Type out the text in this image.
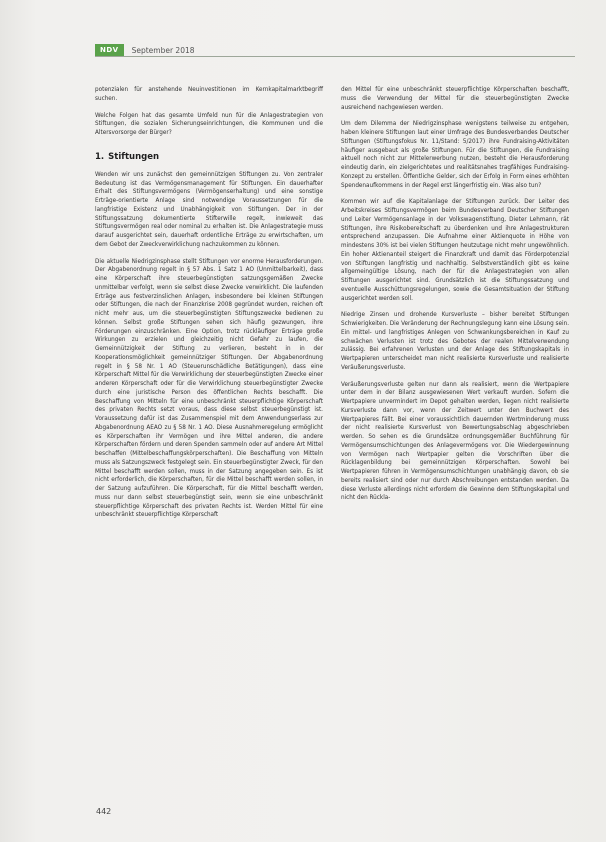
NDV	September 2018

potenzialen für anstehende Neuinvestitionen im Kernkapitalmarktbegriff suchen.

Welche Folgen hat das gesamte Umfeld nun für die Anlagestrategien von Stiftungen, die sozialen Sicherungseinrichtungen, die Kommunen und die Altersvorsorge der Bürger?

1. Stiftungen

Wenden wir uns zunächst den gemeinnützigen Stiftungen zu. Von zentraler Bedeutung ist das Vermögensmanagement für Stiftungen. Ein dauerhafter Erhalt des Stiftungsvermögens (Vermögenserhaltung) und eine sonstige Erträge-orientierte Anlage sind notwendige Voraussetzungen für die langfristige Existenz und Unabhängigkeit von Stiftungen. Der in der Stiftungssatzung dokumentierte Stifterwille regelt, inwieweit das Stiftungsvermögen real oder nominal zu erhalten ist. Die Anlagestrategie muss darauf ausgerichtet sein, dauerhaft ordentliche Erträge zu erwirtschaften, um dem Gebot der Zweckverwirklichung nachzukommen zu können.

Die aktuelle Niedrigzinsphase stellt Stiftungen vor enorme Herausforderungen. Der Abgabenordnung regelt in § 57 Abs. 1 Satz 1 AO (Unmittelbarkeit), dass eine Körperschaft ihre steuerbegünstigten satzungsgemäßen Zwecke unmittelbar verfolgt, wenn sie selbst diese Zwecke verwirklicht. Die laufenden Erträge aus festverzinslichen Anlagen, insbesondere bei kleinen Stiftungen oder Stiftungen, die nach der Finanzkrise 2008 gegründet wurden, reichen oft nicht mehr aus, um die steuerbegünstigten Stiftungszwecke bedienen zu können. Selbst große Stiftungen sehen sich häufig gezwungen, ihre Förderungen einzuschränken. Eine Option, trotz rückläufiger Erträge große Wirkungen zu erzielen und gleichzeitig nicht Gefahr zu laufen, die Gemeinnützigkeit der Stiftung zu verlieren, besteht in in der Kooperationsmöglichkeit gemeinnütziger Stiftungen. Der Abgabenordnung regelt in § 58 Nr. 1 AO (Steuerunschädliche Betätigungen), dass eine Körperschaft Mittel für die Verwirklichung der steuerbegünstigten Zwecke einer anderen Körperschaft oder für die Verwirklichung steuerbegünstigter Zwecke durch eine juristische Person des öffentlichen Rechts beschafft. Die Beschaffung von Mitteln für eine unbeschränkt steuerpflichtige Körperschaft des privaten Rechts setzt voraus, dass diese selbst steuerbegünstigt ist. Voraussetzung dafür ist das Zusammenspiel mit dem Anwendungserlass zur Abgabenordnung AEAO zu § 58 Nr. 1 AO. Diese Ausnahmeregelung ermöglicht es Körperschaften ihr Vermögen und ihre Mittel anderen, die andere Körperschaften fördern und deren Spenden sammeln oder auf andere Art Mittel beschaffen (Mittelbeschaffungskörperschaften). Die Beschaffung von Mitteln muss als Satzungszweck festgelegt sein. Ein steuerbegünstigter Zweck, für den Mittel beschafft werden sollen, muss in der Satzung angegeben sein. Es ist nicht erforderlich, die Körperschaften, für die Mittel beschafft werden sollen, in der Satzung aufzuführen. Die Körperschaft, für die Mittel beschafft werden, muss nur dann selbst steuerbegünstigt sein, wenn sie eine unbeschränkt steuerpflichtige Körperschaft des privaten Rechts ist. Werden Mittel für eine unbeschränkt steuerpflichtige Körperschaft

den Mittel für eine unbeschränkt steuerpflichtige Körperschaften beschafft, muss die Verwendung der Mittel für die steuerbegünstigten Zwecke ausreichend nachgewiesen werden.

Um dem Dilemma der Niedrigzinsphase wenigstens teilweise zu entgehen, haben kleinere Stiftungen laut einer Umfrage des Bundesverbandes Deutscher Stiftungen (Stiftungsfokus Nr. 11/Stand: 5/2017) ihre Fundraising-Aktivitäten häufiger ausgebaut als große Stiftungen. Für die Stiftungen, die Fundraising aktuell noch nicht zur Mittelerwerbung nutzen, besteht die Herausforderung eindeutig darin, ein zielgerichtetes und realitätsnahes tragfähiges Fundraising-Konzept zu erstellen. Öffentliche Gelder, sich der Erfolg in Form eines erhöhten Spendenaufkommens in der Regel erst längerfristig ein. Was also tun?

Kommen wir auf die Kapitalanlage der Stiftungen zurück. Der Leiter des Arbeitskreises Stiftungsvermögen beim Bundesverband Deutscher Stiftungen und Leiter Vermögensanlage in der Volkswagenstiftung, Dieter Lehmann, rät Stiftungen, ihre Risikobereitschaft zu überdenken und ihre Anlagestrukturen entsprechend anzupassen. Die Aufnahme einer Aktienquote in Höhe von mindestens 30% ist bei vielen Stiftungen heutzutage nicht mehr ungewöhnlich. Ein hoher Aktienanteil steigert die Finanzkraft und damit das Förderpotenzial von Stiftungen langfristig und nachhaltig. Selbstverständlich gibt es keine allgemeingültige Lösung, nach der für die Anlagestrategien von allen Stiftungen ausgerichtet sind. Grundsätzlich ist die Stiftungssatzung und eventuelle Ausschüttungsregelungen, sowie die Gesamtsituation der Stiftung ausgerichtet werden soll.

Niedrige Zinsen und drohende Kursverluste – bisher bereitet Stiftungen Schwierigkeiten. Die Veränderung der Rechnungslegung kann eine Lösung sein. Ein mittel- und langfristiges Anlegen von Schwankungsbereichen in Kauf zu schwächen Verlusten ist trotz des Gebotes der realen Mittelverwendung zulässig. Bei erfahrenen Verlusten und der Anlage des Stiftungskapitals in Wertpapieren unterscheidet man nicht realisierte Kursverluste und realisierte Veräußerungsverluste.

Veräußerungsverluste gelten nur dann als realisiert, wenn die Wertpapiere unter dem in der Bilanz ausgewiesenen Wert verkauft wurden. Sofern die Wertpapiere unvermindert im Depot gehalten werden, liegen nicht realisierte Kursverluste dann vor, wenn der Zeitwert unter den Buchwert des Wertpapieres fällt. Bei einer voraussichtlich dauernden Wertminderung muss der nicht realisierte Kursverlust von Bewertungsabschlag abgeschrieben werden. So sehen es die Grundsätze ordnungsgemäßer Buchführung für Vermögensumschichtungen des Anlagevermögens vor. Die Wiedergewinnung von Vermögen nach Wertpapier gelten die Vorschriften über die Rücklagenbildung bei gemeinnützigen Körperschaften. Sowohl bei Wertpapieren führen in Vermögensumschichtungen unabhängig davon, ob sie bereits realisiert sind oder nur durch Abschreibungen entstanden werden. Da diese Verluste allerdings nicht erfordern die Gewinne dem Stiftungskapital und nicht den Rückla-

442
